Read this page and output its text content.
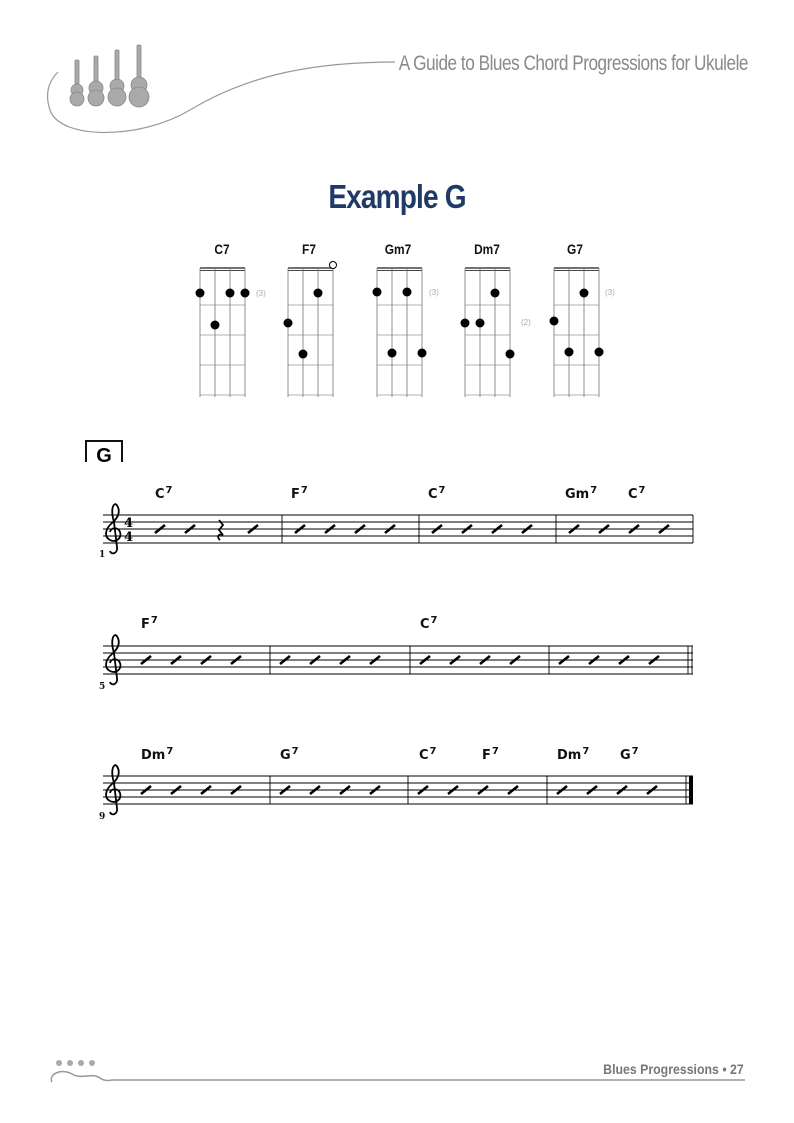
A Guide to Blues Chord Progressions for Ukulele
Example G
C7	F7	Gm7	Dm7	G7
(3)	(3)
(2)
(3)
G
$C^7$	$F^7$	$C^7$	Gm$^7$ $C^7$
$F^7$	$C^7$
Dm$^7$	$G^7$	$C^7$	$F^7$	Dm$^7$ $G^7$
1
5
9
4
4
Blues Progressions • 27
